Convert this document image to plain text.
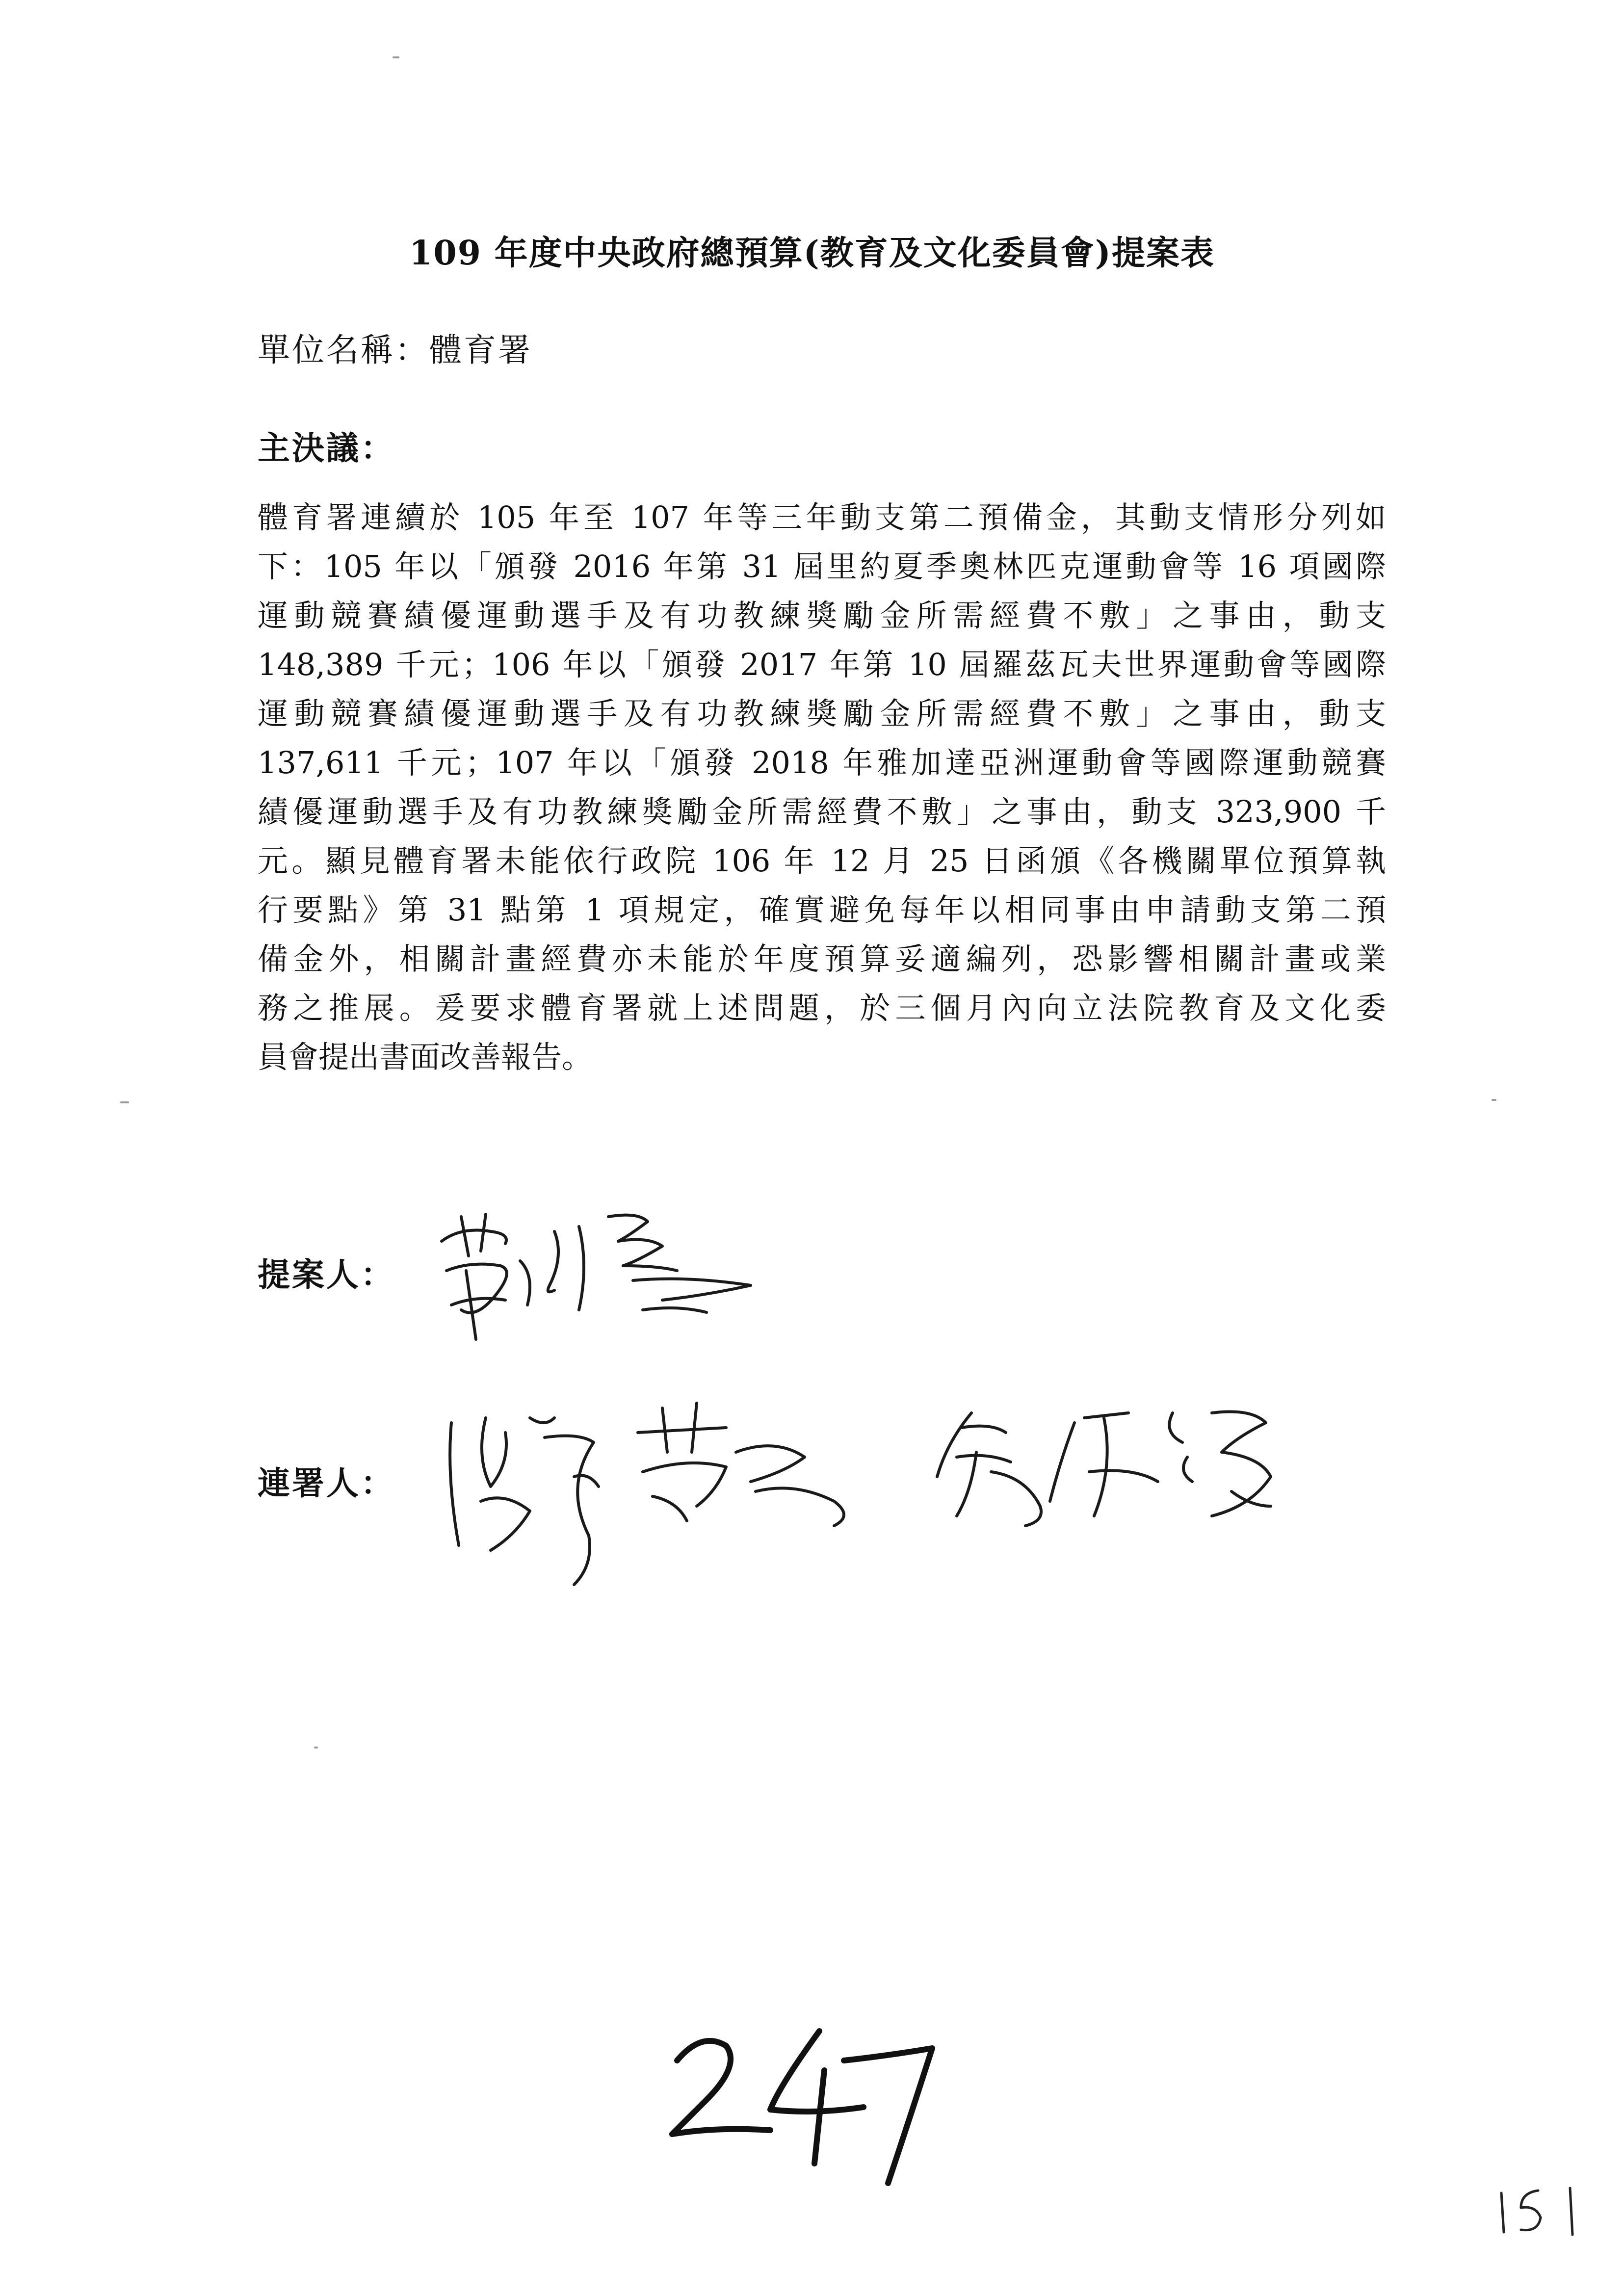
109 年度中央政府總預算(教育及文化委員會)提案表
單位名稱：體育署
主決議：
體育署連續於 105 年至 107 年等三年動支第二預備金，其動支情形分列如
下：105 年以「頒發 2016 年第 31 屆里約夏季奧林匹克運動會等 16 項國際
運動競賽績優運動選手及有功教練獎勵金所需經費不敷」之事由，動支
148,389 千元；106 年以「頒發 2017 年第 10 屆羅茲瓦夫世界運動會等國際
運動競賽績優運動選手及有功教練獎勵金所需經費不敷」之事由，動支
137,611 千元；107 年以「頒發 2018 年雅加達亞洲運動會等國際運動競賽
績優運動選手及有功教練獎勵金所需經費不敷」之事由，動支 323,900 千
元。顯見體育署未能依行政院 106 年 12 月 25 日函頒《各機關單位預算執
行要點》第 31 點第 1 項規定，確實避免每年以相同事由申請動支第二預
備金外，相關計畫經費亦未能於年度預算妥適編列，恐影響相關計畫或業
務之推展。爰要求體育署就上述問題，於三個月內向立法院教育及文化委
員會提出書面改善報告。
提案人：
連署人：
